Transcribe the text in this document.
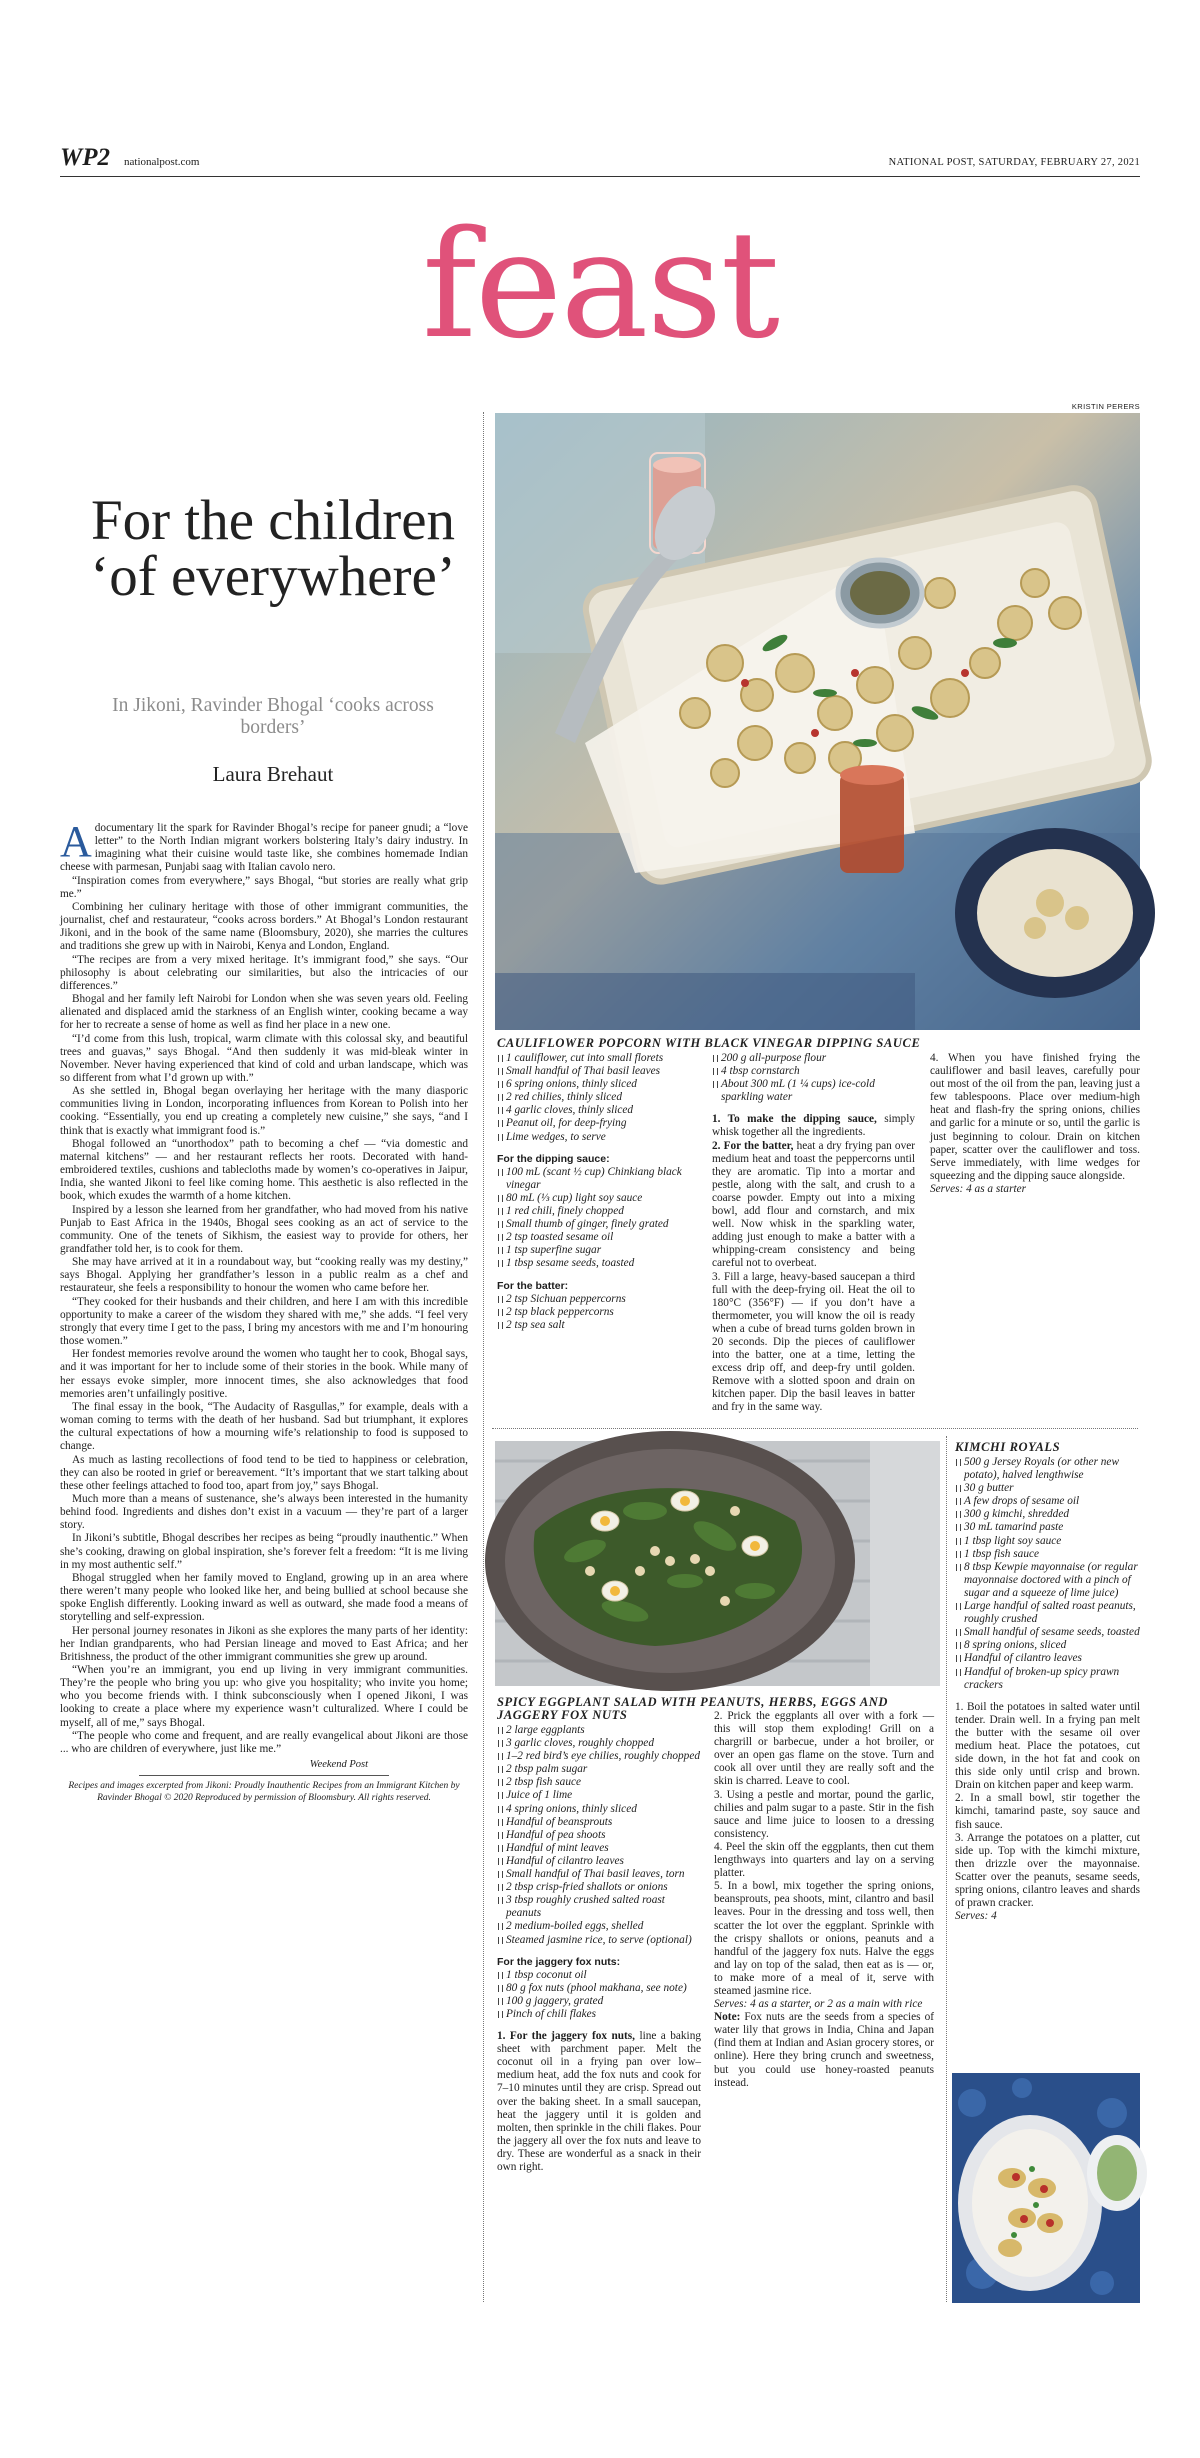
WP2 nationalpost.com	NATIONAL POST, SATURDAY, FEBRUARY 27, 2021
feast
KRISTIN PERERS
For the children ‘of everywhere’
In Jikoni, Ravinder Bhogal ‘cooks across borders’
Laura Brehaut

Adocumentary lit the spark for Ravinder Bhogal’s recipe for paneer gnudi; a “love letter” to the North Indian migrant workers bolstering Italy’s dairy industry. In imagining what their cuisine would taste like, she combines homemade Indian cheese with parmesan, Punjabi saag with Italian cavolo nero.

“Inspiration comes from everywhere,” says Bhogal, “but stories are really what grip me.”

Combining her culinary heritage with those of other immigrant communities, the journalist, chef and restaurateur, “cooks across borders.” At Bhogal’s London restaurant Jikoni, and in the book of the same name (Bloomsbury, 2020), she marries the cultures and traditions she grew up with in Nairobi, Kenya and London, England.

“The recipes are from a very mixed heritage. It’s immigrant food,” she says. “Our philosophy is about celebrating our similarities, but also the intricacies of our differences.”

Bhogal and her family left Nairobi for London when she was seven years old. Feeling alienated and displaced amid the starkness of an English winter, cooking became a way for her to recreate a sense of home as well as find her place in a new one.

“I’d come from this lush, tropical, warm climate with this colossal sky, and beautiful trees and guavas,” says Bhogal. “And then suddenly it was mid-bleak winter in November. Never having experienced that kind of cold and urban landscape, which was so different from what I’d grown up with.”

As she settled in, Bhogal began overlaying her heritage with the many diasporic communities living in London, incorporating influences from Korean to Polish into her cooking. “Essentially, you end up creating a completely new cuisine,” she says, “and I think that is exactly what immigrant food is.”

Bhogal followed an “unorthodox” path to becoming a chef — “via domestic and maternal kitchens” — and her restaurant reflects her roots. Decorated with hand-embroidered textiles, cushions and tablecloths made by women’s co-operatives in Jaipur, India, she wanted Jikoni to feel like coming home. This aesthetic is also reflected in the book, which exudes the warmth of a home kitchen.

Inspired by a lesson she learned from her grandfather, who had moved from his native Punjab to East Africa in the 1940s, Bhogal sees cooking as an act of service to the community. One of the tenets of Sikhism, the easiest way to provide for others, her grandfather told her, is to cook for them.

She may have arrived at it in a roundabout way, but “cooking really was my destiny,” says Bhogal. Applying her grandfather’s lesson in a public realm as a chef and restaurateur, she feels a responsibility to honour the women who came before her.

“They cooked for their husbands and their children, and here I am with this incredible opportunity to make a career of the wisdom they shared with me,” she adds. “I feel very strongly that every time I get to the pass, I bring my ancestors with me and I’m honouring those women.”

Her fondest memories revolve around the women who taught her to cook, Bhogal says, and it was important for her to include some of their stories in the book. While many of her essays evoke simpler, more innocent times, she also acknowledges that food memories aren’t unfailingly positive.

The final essay in the book, “The Audacity of Rasgullas,” for example, deals with a woman coming to terms with the death of her husband. Sad but triumphant, it explores the cultural expectations of how a mourning wife’s relationship to food is supposed to change.

As much as lasting recollections of food tend to be tied to happiness or celebration, they can also be rooted in grief or bereavement. “It’s important that we start talking about these other feelings attached to food too, apart from joy,” says Bhogal.

Much more than a means of sustenance, she’s always been interested in the humanity behind food. Ingredients and dishes don’t exist in a vacuum — they’re part of a larger story.

In Jikoni’s subtitle, Bhogal describes her recipes as being “proudly inauthentic.” When she’s cooking, drawing on global inspiration, she’s forever felt a freedom: “It is me living in my most authentic self.”

Bhogal struggled when her family moved to England, growing up in an area where there weren’t many people who looked like her, and being bullied at school because she spoke English differently. Looking inward as well as outward, she made food a means of storytelling and self-expression.

Her personal journey resonates in Jikoni as she explores the many parts of her identity: her Indian grandparents, who had Persian lineage and moved to East Africa; and her Britishness, the product of the other immigrant communities she grew up around.

“When you’re an immigrant, you end up living in very immigrant communities. They’re the people who bring you up: who give you hospitality; who invite you home; who you become friends with. I think subconsciously when I opened Jikoni, I was looking to create a place where my experience wasn’t culturalized. Where I could be myself, all of me,” says Bhogal.

“The people who come and frequent, and are really evangelical about Jikoni are those ... who are children of everywhere, just like me.”

Weekend Post
Recipes and images excerpted from Jikoni: Proudly Inauthentic Recipes from an Immigrant Kitchen by Ravinder Bhogal © 2020 Reproduced by permission of Bloomsbury. All rights reserved.
CAULIFLOWER POPCORN WITH BLACK VINEGAR DIPPING SAUCE
1 cauliflower, cut into small florets
Small handful of Thai basil leaves
6 spring onions, thinly sliced
2 red chilies, thinly sliced
4 garlic cloves, thinly sliced
Peanut oil, for deep-frying
Lime wedges, to serve
For the dipping sauce:
100 mL (scant ½ cup) Chinkiang black vinegar
80 mL (⅓ cup) light soy sauce
1 red chili, finely chopped
Small thumb of ginger, finely grated
2 tsp toasted sesame oil
1 tsp superfine sugar
1 tbsp sesame seeds, toasted
For the batter:
2 tsp Sichuan peppercorns
2 tsp black peppercorns
2 tsp sea salt
200 g all-purpose flour
4 tbsp cornstarch
About 300 mL (1 ¼ cups) ice-cold sparkling water

1. To make the dipping sauce, simply whisk together all the ingredients.

2. For the batter, heat a dry frying pan over medium heat and toast the peppercorns until they are aromatic. Tip into a mortar and pestle, along with the salt, and crush to a coarse powder. Empty out into a mixing bowl, add flour and cornstarch, and mix well. Now whisk in the sparkling water, adding just enough to make a batter with a whipping-cream consistency and being careful not to overbeat.

3. Fill a large, heavy-based saucepan a third full with the deep-frying oil. Heat the oil to 180°C (356°F) — if you don’t have a thermometer, you will know the oil is ready when a cube of bread turns golden brown in 20 seconds. Dip the pieces of cauliflower into the batter, one at a time, letting the excess drip off, and deep-fry until golden. Remove with a slotted spoon and drain on kitchen paper. Dip the basil leaves in batter and fry in the same way.

4. When you have finished frying the cauliflower and basil leaves, carefully pour out most of the oil from the pan, leaving just a few tablespoons. Place over medium-high heat and flash-fry the spring onions, chilies and garlic for a minute or so, until the garlic is just beginning to colour. Drain on kitchen paper, scatter over the cauliflower and toss. Serve immediately, with lime wedges for squeezing and the dipping sauce alongside.

Serves: 4 as a starter

SPICY EGGPLANT SALAD WITH PEANUTS, HERBS, EGGS AND JAGGERY FOX NUTS
2 large eggplants
3 garlic cloves, roughly chopped
1–2 red bird’s eye chilies, roughly chopped
2 tbsp palm sugar
2 tbsp fish sauce
Juice of 1 lime
4 spring onions, thinly sliced
Handful of beansprouts
Handful of pea shoots
Handful of mint leaves
Handful of cilantro leaves
Small handful of Thai basil leaves, torn
2 tbsp crisp-fried shallots or onions
3 tbsp roughly crushed salted roast peanuts
2 medium-boiled eggs, shelled
Steamed jasmine rice, to serve (optional)
For the jaggery fox nuts:
1 tbsp coconut oil
80 g fox nuts (phool makhana, see note)
100 g jaggery, grated
Pinch of chili flakes

1. For the jaggery fox nuts, line a baking sheet with parchment paper. Melt the coconut oil in a frying pan over low–medium heat, add the fox nuts and cook for 7–10 minutes until they are crisp. Spread out over the baking sheet. In a small saucepan, heat the jaggery until it is golden and molten, then sprinkle in the chili flakes. Pour the jaggery all over the fox nuts and leave to dry. These are wonderful as a snack in their own right.

2. Prick the eggplants all over with a fork — this will stop them exploding! Grill on a chargrill or barbecue, under a hot broiler, or over an open gas flame on the stove. Turn and cook all over until they are really soft and the skin is charred. Leave to cool.

3. Using a pestle and mortar, pound the garlic, chilies and palm sugar to a paste. Stir in the fish sauce and lime juice to loosen to a dressing consistency.

4. Peel the skin off the eggplants, then cut them lengthways into quarters and lay on a serving platter.

5. In a bowl, mix together the spring onions, beansprouts, pea shoots, mint, cilantro and basil leaves. Pour in the dressing and toss well, then scatter the lot over the eggplant. Sprinkle with the crispy shallots or onions, peanuts and a handful of the jaggery fox nuts. Halve the eggs and lay on top of the salad, then eat as is — or, to make more of a meal of it, serve with steamed jasmine rice.

Serves: 4 as a starter, or 2 as a main with rice

Note: Fox nuts are the seeds from a species of water lily that grows in India, China and Japan (find them at Indian and Asian grocery stores, or online). Here they bring crunch and sweetness, but you could use honey-roasted peanuts instead.

KIMCHI ROYALS
500 g Jersey Royals (or other new potato), halved lengthwise
30 g butter
A few drops of sesame oil
300 g kimchi, shredded
30 mL tamarind paste
1 tbsp light soy sauce
1 tbsp fish sauce
8 tbsp Kewpie mayonnaise (or regular mayonnaise doctored with a pinch of sugar and a squeeze of lime juice)
Large handful of salted roast peanuts, roughly crushed
Small handful of sesame seeds, toasted
8 spring onions, sliced
Handful of cilantro leaves
Handful of broken-up spicy prawn crackers

1. Boil the potatoes in salted water until tender. Drain well. In a frying pan melt the butter with the sesame oil over medium heat. Place the potatoes, cut side down, in the hot fat and cook on this side only until crisp and brown. Drain on kitchen paper and keep warm.

2. In a small bowl, stir together the kimchi, tamarind paste, soy sauce and fish sauce.

3. Arrange the potatoes on a platter, cut side up. Top with the kimchi mixture, then drizzle over the mayonnaise. Scatter over the peanuts, sesame seeds, spring onions, cilantro leaves and shards of prawn cracker.

Serves: 4
